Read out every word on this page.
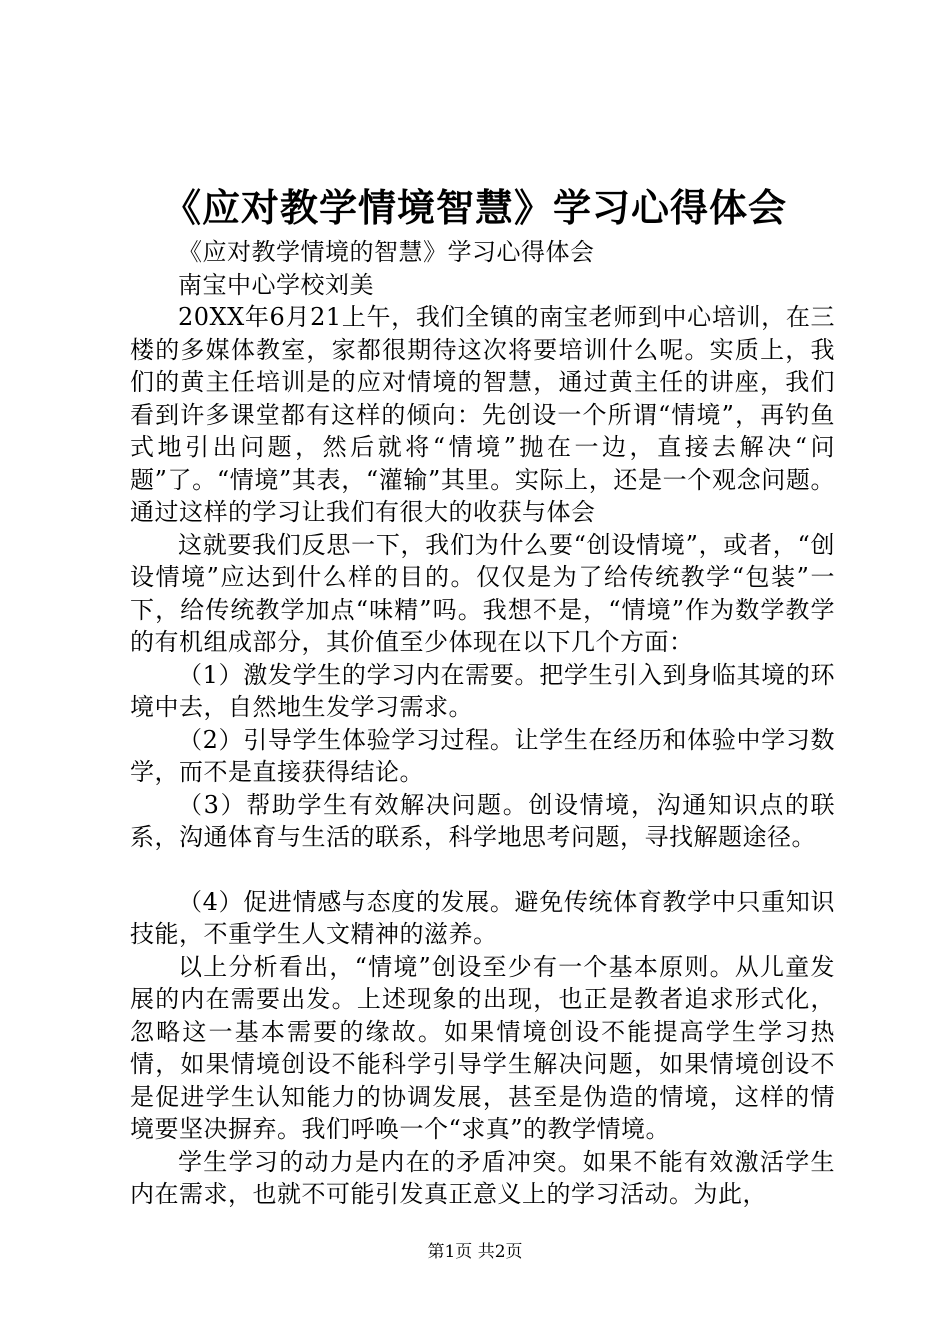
《应对教学情境智慧》学习心得体会

《应对教学情境的智慧》学习心得体会

南宝中心学校刘美

20XX年6月21上午，我们全镇的南宝老师到中心培训，在三楼的多媒体教室，家都很期待这次将要培训什么呢。实质上，我们的黄主任培训是的应对情境的智慧，通过黄主任的讲座，我们看到许多课堂都有这样的倾向：先创设一个所谓“情境”，再钓鱼式地引出问题，然后就将“情境”抛在一边，直接去解决“问题”了。“情境”其表，“灌输”其里。实际上，还是一个观念问题。通过这样的学习让我们有很大的收获与体会

这就要我们反思一下，我们为什么要“创设情境”，或者，“创设情境”应达到什么样的目的。仅仅是为了给传统教学“包装”一下，给传统教学加点“味精”吗。我想不是，“情境”作为数学教学的有机组成部分，其价值至少体现在以下几个方面：

（1）激发学生的学习内在需要。把学生引入到身临其境的环境中去，自然地生发学习需求。

（2）引导学生体验学习过程。让学生在经历和体验中学习数学，而不是直接获得结论。

（3）帮助学生有效解决问题。创设情境，沟通知识点的联系，沟通体育与生活的联系，科学地思考问题，寻找解题途径。

（4）促进情感与态度的发展。避免传统体育教学中只重知识技能，不重学生人文精神的滋养。

以上分析看出，“情境”创设至少有一个基本原则。从儿童发展的内在需要出发。上述现象的出现，也正是教者追求形式化，忽略这一基本需要的缘故。如果情境创设不能提高学生学习热情，如果情境创设不能科学引导学生解决问题，如果情境创设不是促进学生认知能力的协调发展，甚至是伪造的情境，这样的情境要坚决摒弃。我们呼唤一个“求真”的教学情境。

学生学习的动力是内在的矛盾冲突。如果不能有效激活学生内在需求，也就不可能引发真正意义上的学习活动。为此，

第1页 共2页
